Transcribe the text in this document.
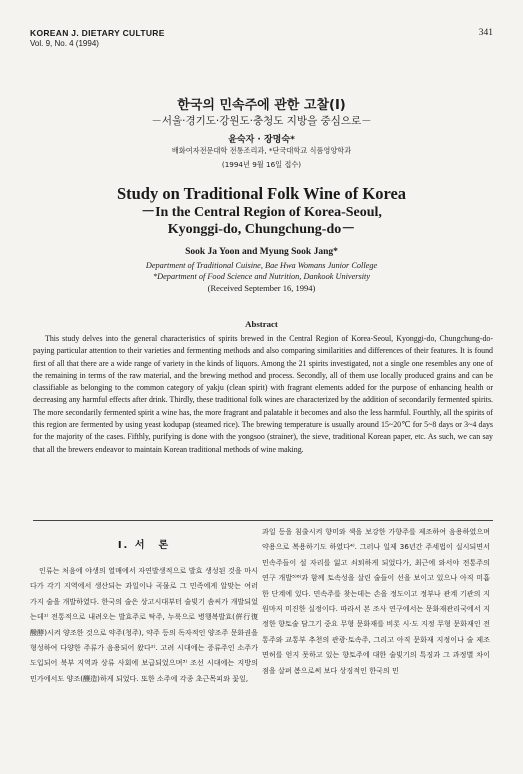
KOREAN J. DIETARY CULTURE
Vol. 9, No. 4 (1994)
341
한국의 민속주에 관한 고찰(I)
－서울·경기도·강원도·충청도 지방을 중심으로－
윤숙자 · 장명숙*
배화여자전문대학 전통조리과, *단국대학교 식품영양학과
(1994년 9월 16일 접수)
Study on Traditional Folk Wine of Korea
－In the Central Region of Korea-Seoul,
Kyonggi-do, Chungchung-do－
Sook Ja Yoon and Myung Sook Jang*
Department of Traditional Cuisine, Bae Hwa Womans Junior College
*Department of Food Science and Nutrition, Dankook University
(Received September 16, 1994)
Abstract

This study delves into the general characteristics of spirits brewed in the Central Region of Korea-Seoul, Kyonggi-do, Chungchung-do-paying particular attention to their varieties and fermenting methods and also comparing similarities and differences of their features. It is found first of all that there are a wide range of variety in the kinds of liquors. Among the 21 spirits investigated, not a single one resembles any one of the remaining in terms of the raw material, and the brewing method and process. Secondly, all of them use locally produced grains and can be classifiable as belonging to the common category of yakju (clean spirit) with fragrant elements added for the purpose of enhancing health or decreasing any harmful effects after drink. Thirdly, these traditional folk wines are characterized by the addition of secondarily fermented spirits. The more secondarily fermented spirit a wine has, the more fragrant and palatable it becomes and also the less harmful. Fourthly, all the spirits of this region are fermented by using yeast kodupap (steamed rice). The brewing temperature is usually around 15~20℃ for 5~8 days or 3~4 days for the majority of the cases. Fifthly, purifying is done with the yongsoo (strainer), the sieve, traditional Korean paper, etc. As such, we can say that all the brewers endeavor to maintain Korean traditional methods of wine making.

I. 서　론

인류는 처음에 야생의 열매에서 자연발생적으로 발효 생성된 것을 마시다가 각기 지역에서 생산되는 과일이나 곡물로 그 민족에게 알맞는 여러 가지 술을 개발하였다. 한국의 술은 상고시대부터 술빚기 솜씨가 개발되었는데¹⁾ 전통적으로 내려오는 발효주로 탁주, 누룩으로 병행복발효(倂行復醱酵)시켜 양조한 것으로 약주(청주), 약주 등의 독자적인 양조주 문화권을 형성하여 다양한 주류가 음용되어 왔다²⁾. 고려 시대에는 증류주인 소주가 도입되어 북부 지역과 상류 사회에 보급되었으며³⁾ 조선 시대에는 지방의 민가에서도 양조(釀造)하게 되었다. 또한 소주에 각종 초근목피와 꽃잎,

과일 등을 침출시켜 향미와 색을 보강한 가향주를 제조하여 음용하였으며 약용으로 복용하기도 하였다⁴⁾. 그러나 일제 36년간 주세법이 실시되면서 민속주들이 설 자리를 잃고 쇠퇴하게 되었다가, 최근에 와서야 전통주의 연구 개발⁵⁾⁶⁾과 함께 토속성을 살린 술들이 선을 보이고 있으나 아직 미흡한 단계에 있다. 민속주를 찾는데는 손을 정도이고 정부나 관계 기관의 지원마저 미진한 실정이다. 따라서 본 조사 연구에서는 문화재관리국에서 지정한 향토술 담그기 중요 무형 문화재를 비롯 시·도 지정 무형 문화재인 전통주와 교통부 추천의 관광·토속주, 그리고 아직 문화재 지정이나 술 제조면허를 얻지 못하고 있는 향토주에 대한 술빚기의 특징과 그 과정별 차이점을 살펴 봄으로써 보다 상징적인 한국의 민
